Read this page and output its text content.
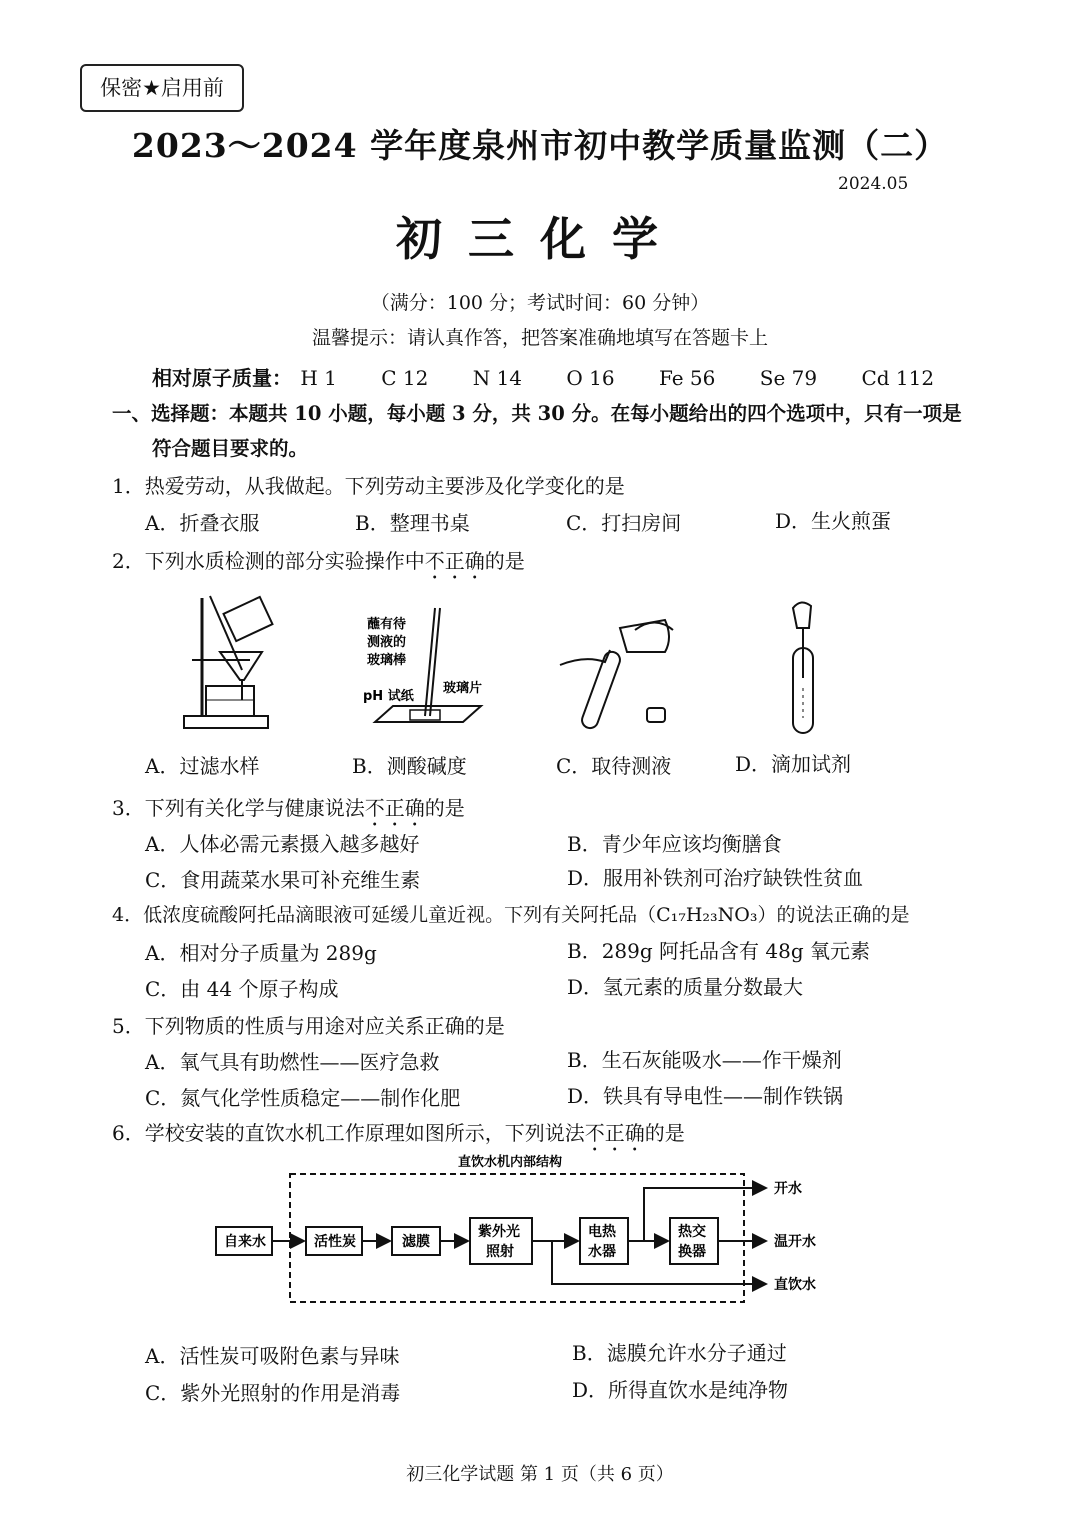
保密★启用前
2023～2024 学年度泉州市初中教学质量监测（二）
2024.05
初三化学
（满分：100 分；考试时间：60 分钟）
温馨提示：请认真作答，把答案准确地填写在答题卡上
相对原子质量： H 1 C 12 N 14 O 16 Fe 56 Se 79 Cd 112
一、选择题：本题共 10 小题，每小题 3 分，共 30 分。在每小题给出的四个选项中，只有一项是
符合题目要求的。
1．热爱劳动，从我做起。下列劳动主要涉及化学变化的是
A．折叠衣服	B．整理书桌	C．打扫房间	D．生火煎蛋
2．下列水质检测的部分实验操作中不正确的是
蘸有待
测液的
玻璃棒
pH 试纸
玻璃片
A．过滤水样	B．测酸碱度	C．取待测液	D．滴加试剂
3．下列有关化学与健康说法不正确的是
A．人体必需元素摄入越多越好	B．青少年应该均衡膳食
C．食用蔬菜水果可补充维生素	D．服用补铁剂可治疗缺铁性贫血
4．低浓度硫酸阿托品滴眼液可延缓儿童近视。下列有关阿托品（C₁₇H₂₃NO₃）的说法正确的是
A．相对分子质量为 289g	B．289g 阿托品含有 48g 氧元素
C．由 44 个原子构成	D．氢元素的质量分数最大
5．下列物质的性质与用途对应关系正确的是
A．氧气具有助燃性——医疗急救	B．生石灰能吸水——作干燥剂
C．氮气化学性质稳定——制作化肥	D．铁具有导电性——制作铁锅
6．学校安装的直饮水机工作原理如图所示，下列说法不正确的是
直饮水机内部结构
自来水	活性炭	滤膜
紫外光
照射
电热
水器
热交
换器
开水
温开水
直饮水
A．活性炭可吸附色素与异味	B．滤膜允许水分子通过
C．紫外光照射的作用是消毒	D．所得直饮水是纯净物
初三化学试题 第 1 页（共 6 页）
